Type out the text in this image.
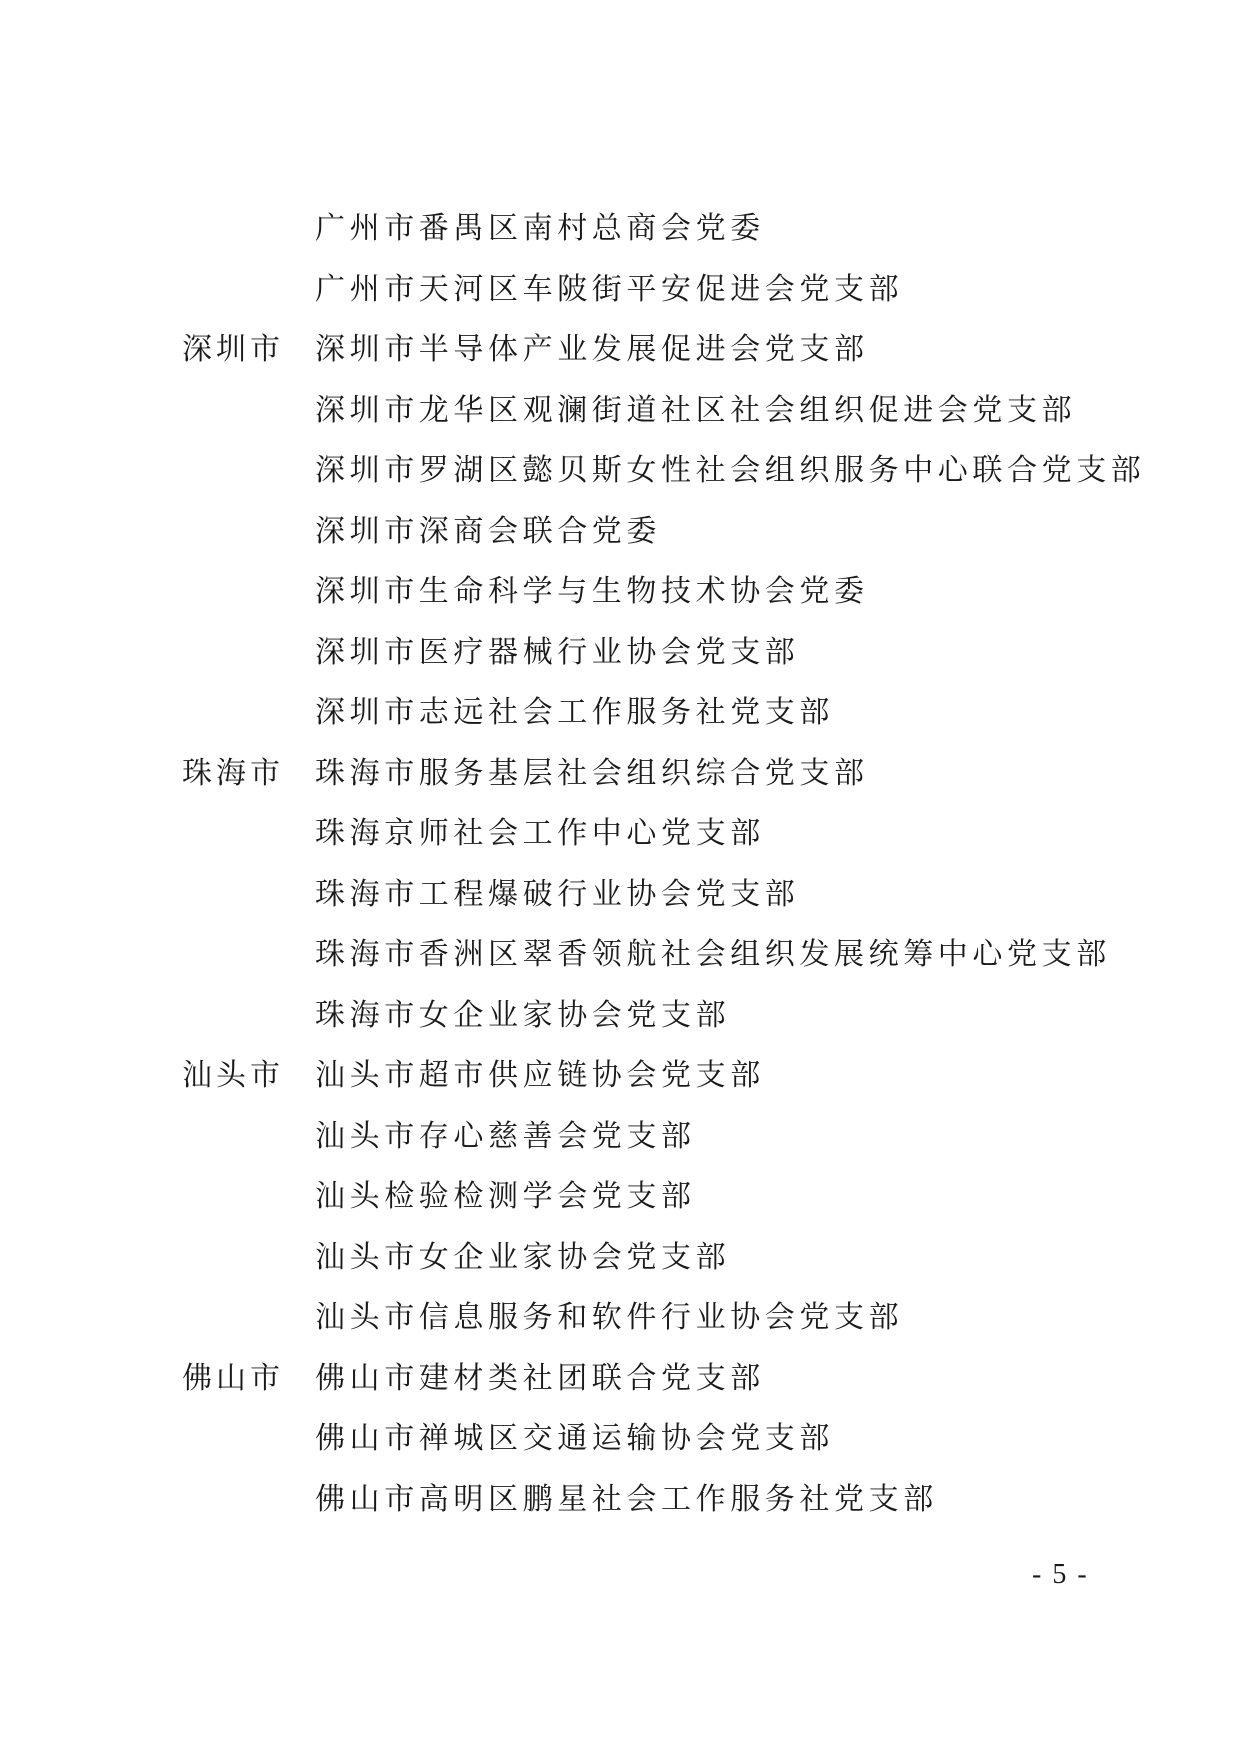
广州市番禺区南村总商会党委
广州市天河区车陂街平安促进会党支部
深圳市 深圳市半导体产业发展促进会党支部
深圳市龙华区观澜街道社区社会组织促进会党支部
深圳市罗湖区懿贝斯女性社会组织服务中心联合党支部
深圳市深商会联合党委
深圳市生命科学与生物技术协会党委
深圳市医疗器械行业协会党支部
深圳市志远社会工作服务社党支部
珠海市 珠海市服务基层社会组织综合党支部
珠海京师社会工作中心党支部
珠海市工程爆破行业协会党支部
珠海市香洲区翠香领航社会组织发展统筹中心党支部
珠海市女企业家协会党支部
汕头市 汕头市超市供应链协会党支部
汕头市存心慈善会党支部
汕头检验检测学会党支部
汕头市女企业家协会党支部
汕头市信息服务和软件行业协会党支部
佛山市 佛山市建材类社团联合党支部
佛山市禅城区交通运输协会党支部
佛山市高明区鹏星社会工作服务社党支部
- 5 -
